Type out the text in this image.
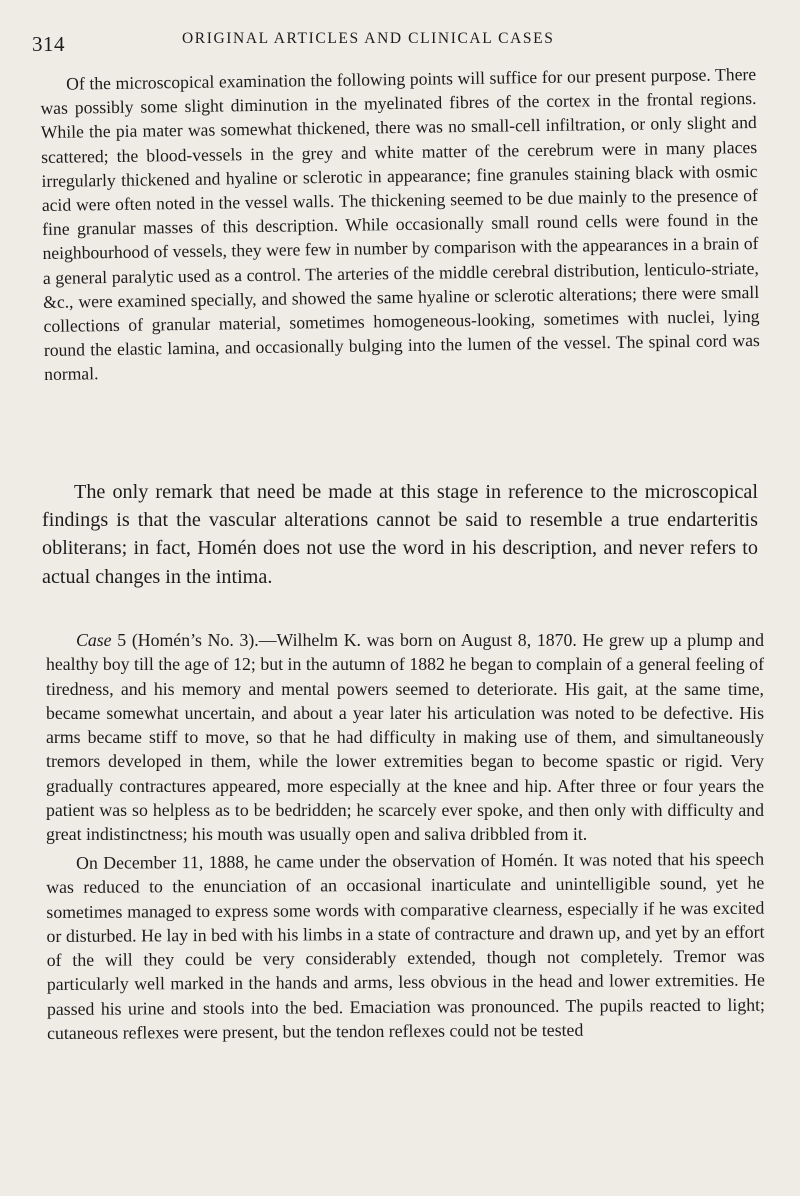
314	ORIGINAL ARTICLES AND CLINICAL CASES

Of the microscopical examination the following points will suffice for our present purpose. There was possibly some slight diminution in the myelinated fibres of the cortex in the frontal regions. While the pia mater was somewhat thickened, there was no small-cell infiltration, or only slight and scattered; the blood-vessels in the grey and white matter of the cerebrum were in many places irregularly thickened and hyaline or sclerotic in appearance; fine granules staining black with osmic acid were often noted in the vessel walls. The thickening seemed to be due mainly to the presence of fine granular masses of this description. While occasionally small round cells were found in the neighbourhood of vessels, they were few in number by comparison with the appearances in a brain of a general paralytic used as a control. The arteries of the middle cerebral distribution, lenticulo-striate, &c., were examined specially, and showed the same hyaline or sclerotic alterations; there were small collections of granular material, sometimes homogeneous-looking, sometimes with nuclei, lying round the elastic lamina, and occasionally bulging into the lumen of the vessel. The spinal cord was normal.

The only remark that need be made at this stage in reference to the microscopical findings is that the vascular alterations cannot be said to resemble a true endarteritis obliterans; in fact, Homén does not use the word in his description, and never refers to actual changes in the intima.

Case 5 (Homén’s No. 3).—Wilhelm K. was born on August 8, 1870. He grew up a plump and healthy boy till the age of 12; but in the autumn of 1882 he began to complain of a general feeling of tiredness, and his memory and mental powers seemed to deteriorate. His gait, at the same time, became somewhat uncertain, and about a year later his articulation was noted to be defective. His arms became stiff to move, so that he had difficulty in making use of them, and simultaneously tremors developed in them, while the lower extremities began to become spastic or rigid. Very gradually contractures appeared, more especially at the knee and hip. After three or four years the patient was so helpless as to be bedridden; he scarcely ever spoke, and then only with difficulty and great indistinctness; his mouth was usually open and saliva dribbled from it.

On December 11, 1888, he came under the observation of Homén. It was noted that his speech was reduced to the enunciation of an occasional inarticulate and unintelligible sound, yet he sometimes managed to express some words with comparative clearness, especially if he was excited or disturbed. He lay in bed with his limbs in a state of contracture and drawn up, and yet by an effort of the will they could be very considerably extended, though not completely. Tremor was particularly well marked in the hands and arms, less obvious in the head and lower extremities. He passed his urine and stools into the bed. Emaciation was pronounced. The pupils reacted to light; cutaneous reflexes were present, but the tendon reflexes could not be tested
